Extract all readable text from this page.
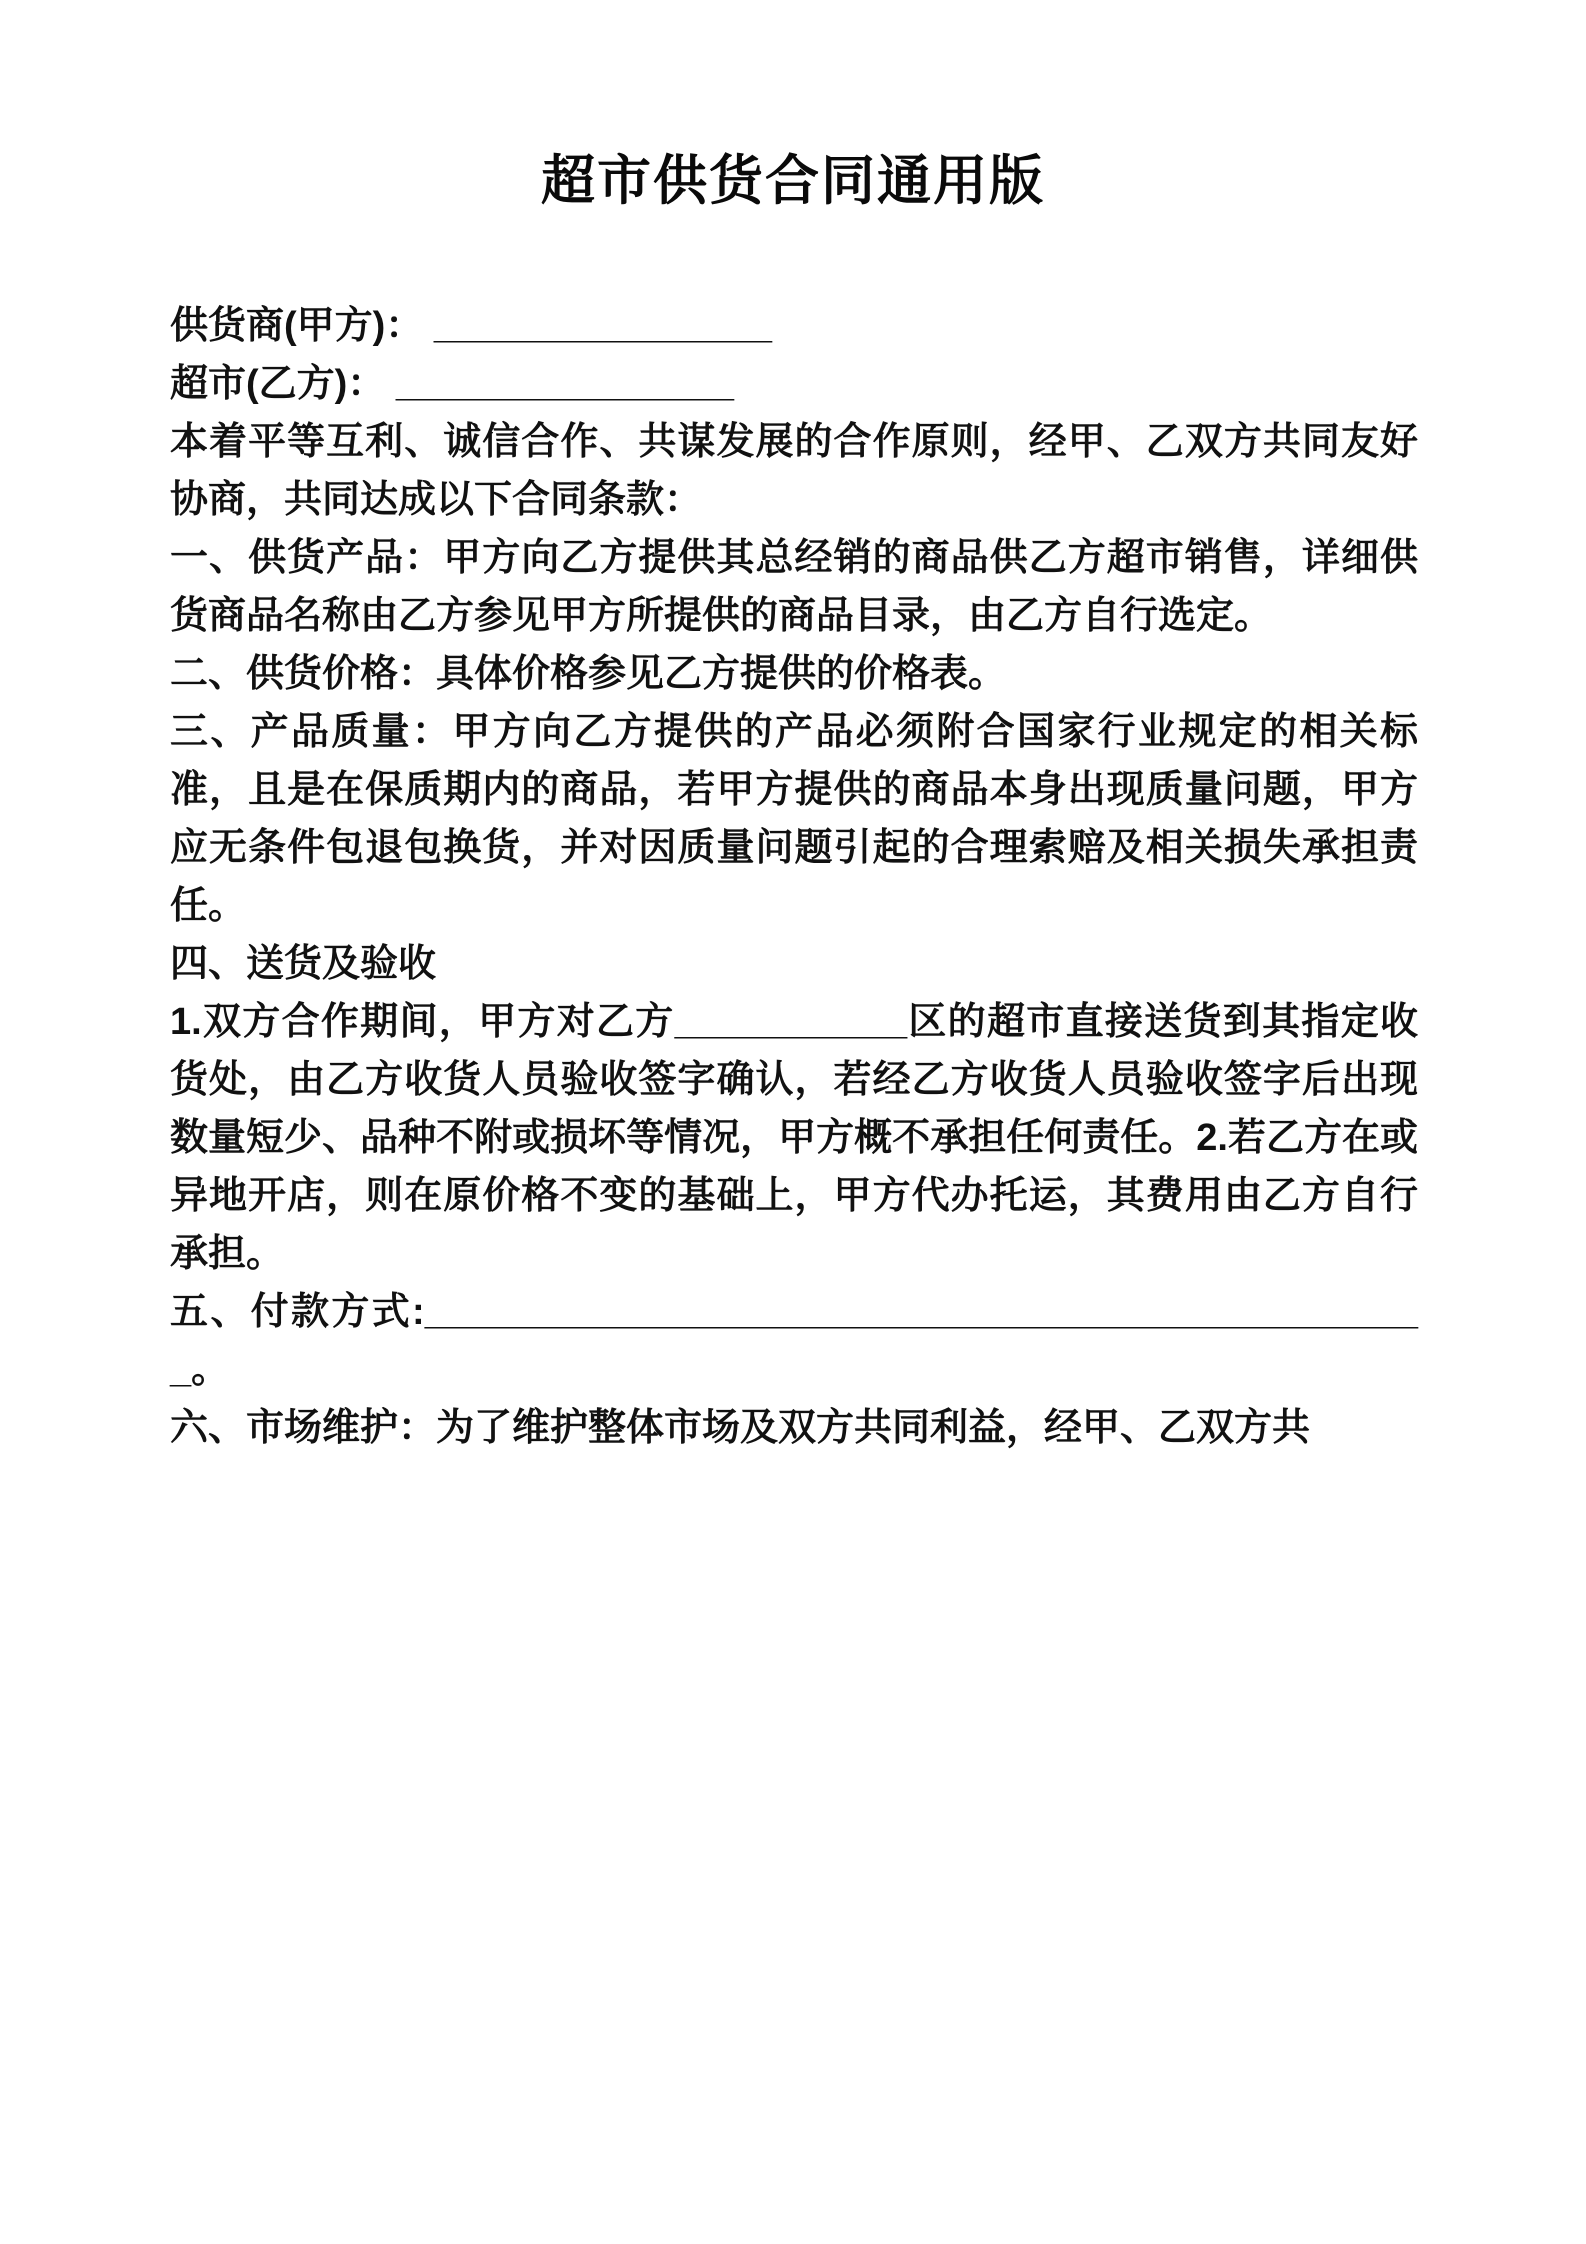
超市供货合同通用版

供货商(甲方)： ________________

超市(乙方)： ________________

本着平等互利、诚信合作、共谋发展的合作原则，经甲、乙双方共同友好协商，共同达成以下合同条款：

一、供货产品：甲方向乙方提供其总经销的商品供乙方超市销售，详细供货商品名称由乙方参见甲方所提供的商品目录，由乙方自行选定。

二、供货价格：具体价格参见乙方提供的价格表。

三、产品质量：甲方向乙方提供的产品必须附合国家行业规定的相关标准，且是在保质期内的商品，若甲方提供的商品本身出现质量问题，甲方应无条件包退包换货，并对因质量问题引起的合理索赔及相关损失承担责任。

四、送货及验收

1.双方合作期间，甲方对乙方___________区的超市直接送货到其指定收货处，由乙方收货人员验收签字确认，若经乙方收货人员验收签字后出现数量短少、品种不附或损坏等情况，甲方概不承担任何责任。2.若乙方在或异地开店，则在原价格不变的基础上，甲方代办托运，其费用由乙方自行承担。

五、付款方式:________________________________________________。

六、市场维护：为了维护整体市场及双方共同利益，经甲、乙双方共
